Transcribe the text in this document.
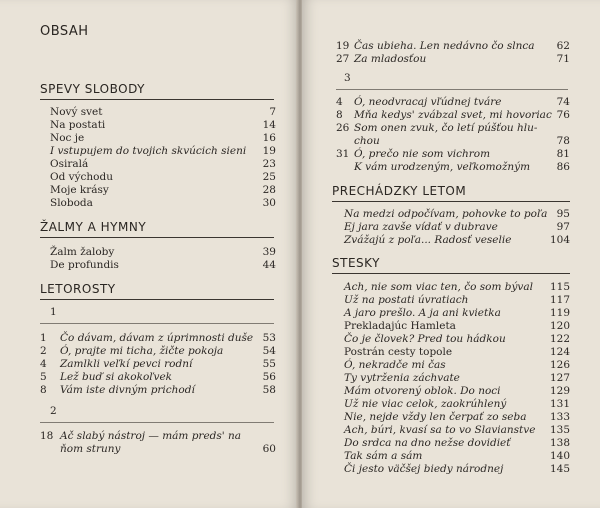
OBSAH
SPEVY SLOBODY
Nový svet	7
Na postati	14
Noc je	16
I vstupujem do tvojich skvúcich sieni	19
Osiralá	23
Od východu	25
Moje krásy	28
Sloboda	30
ŽALMY A HYMNY
Žalm žaloby	39
De profundis	44
LETOROSTY
1
1 Čo dávam, dávam z úprimnosti duše 53
2 Ó, prajte mi ticha, žičte pokoja	54
4 Zamlkli veľkí pevci rodní	55
5 Lež buď si akokoľvek	56
8 Vám iste divným prichodí	58
2
18 Ač slabý nástroj — mám preds' na
ňom struny	60
19 Čas ubieha. Len nedávno čo slnca	62
27 Za mladosťou	71
3
4 Ó, neodvracaj vľúdnej tváre	74
8 Mňa kedys' zvábzal svet, mi hovoriac 76
26 Som onen zvuk, čo letí púšťou hlu-
chou	78
31 Ó, prečo nie som vichrom	81
K vám urodzeným, veľkomožným	86
PRECHÁDZKY LETOM
Na medzi odpočívam, pohovke to poľa 95
Ej jara zavše vídať v dubrave	97
Zvážajú z poľa... Radosť veselie	104
STESKY
Ach, nie som viac ten, čo som býval	115
Už na postati úvratiach	117
A jaro prešlo. A ja ani kvietka	119
Prekladajúc Hamleta	120
Čo je človek? Pred tou hádkou	122
Postrán cesty topole	124
Ó, nekradče mi čas	126
Ty vytrženia záchvate	127
Mám otvorený oblok. Do noci	129
Už nie viac celok, zaokrúhlený	131
Nie, nejde vždy len čerpať zo seba	133
Ach, búri, kvasí sa to vo Slavianstve	135
Do srdca na dno nežse dovidieť	138
Tak sám a sám	140
Či jesto väčšej biedy národnej	145
